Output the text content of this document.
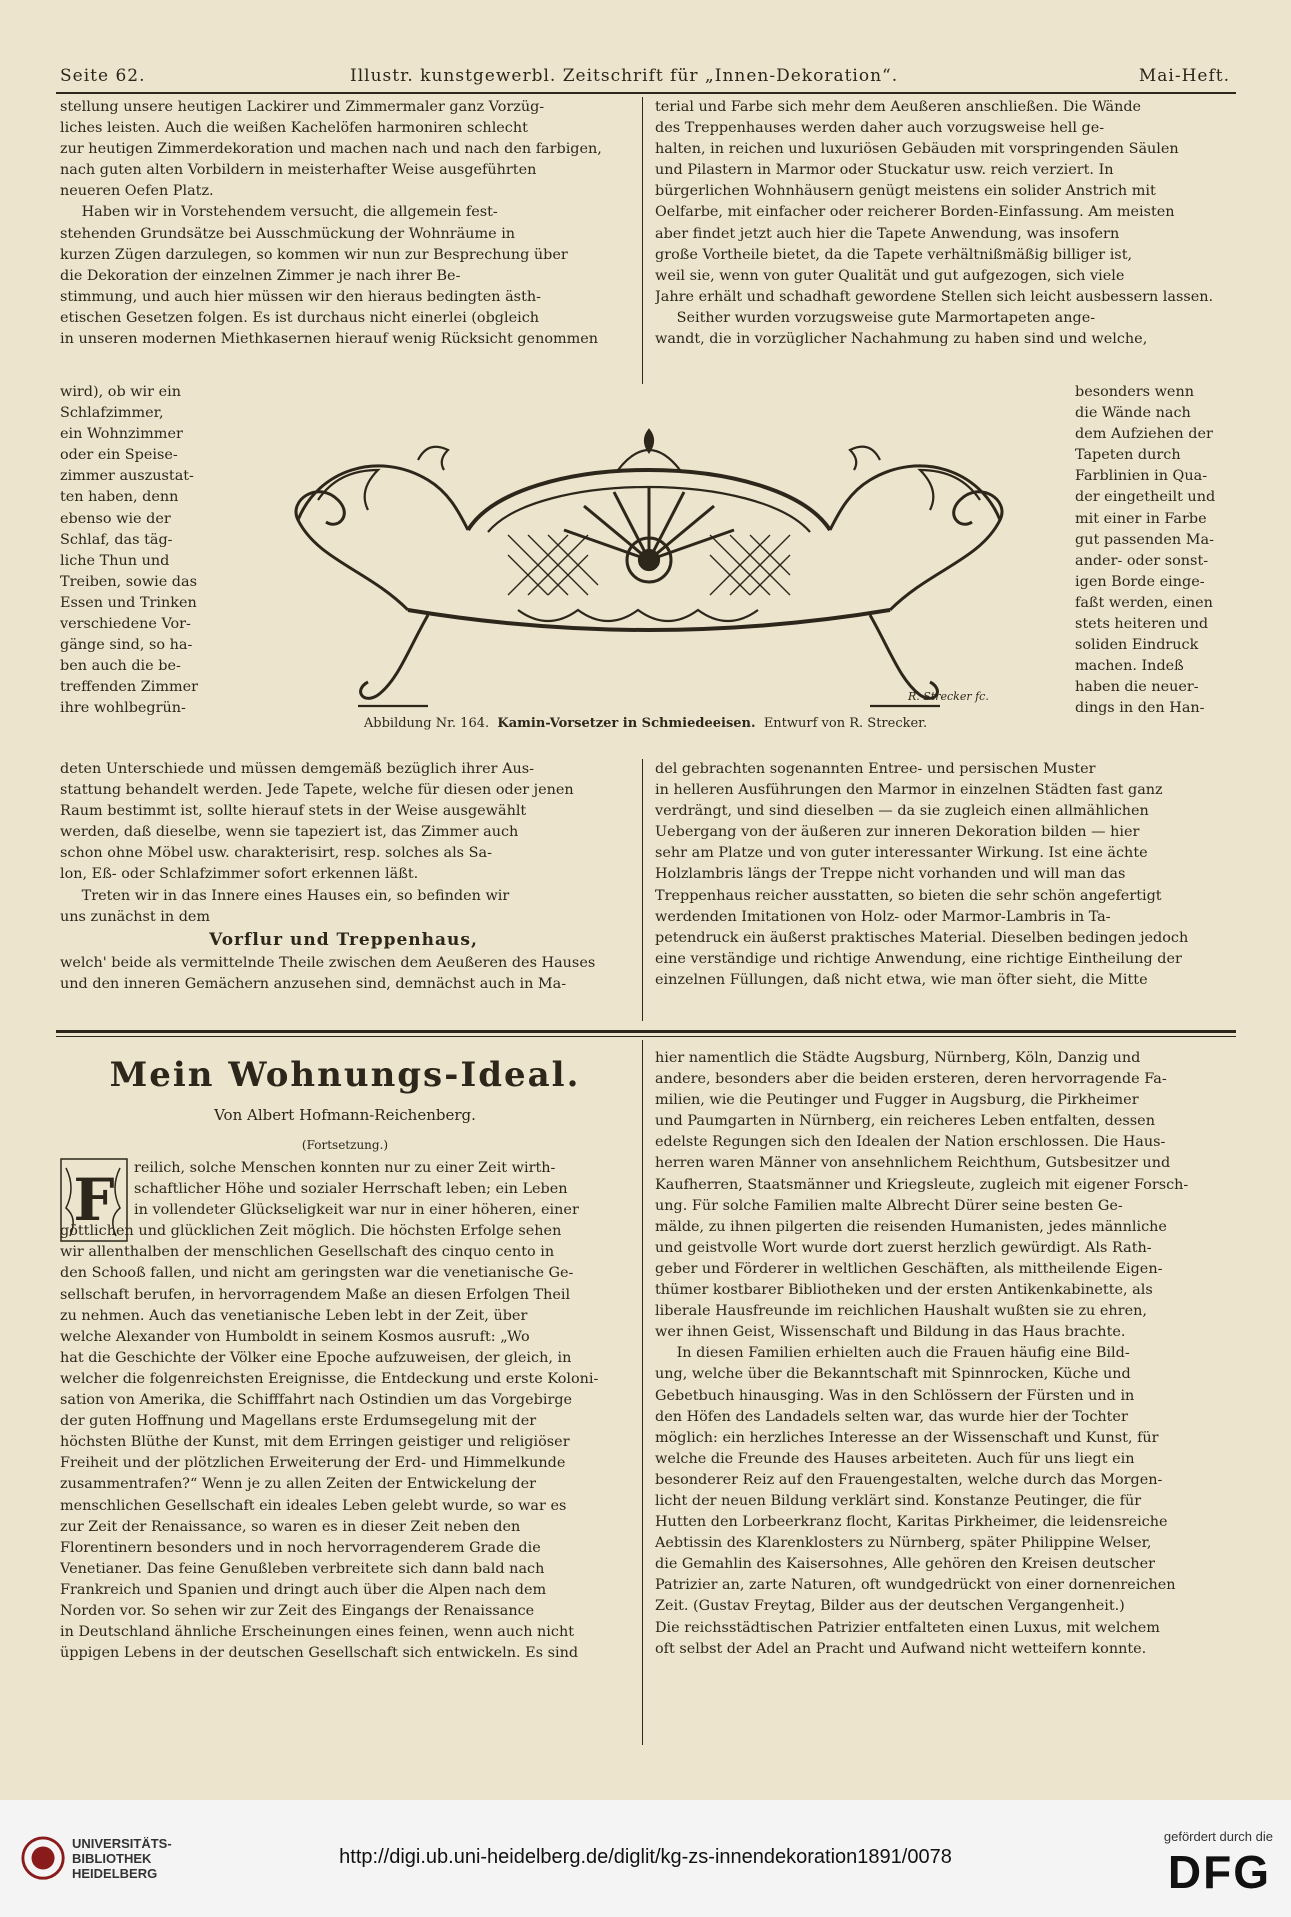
Seite 62.	Illustr. kunstgewerbl. Zeitschrift für „Innen-Dekoration“.	Mai-Heft.
stellung unsere heutigen Lackirer und Zimmermaler ganz Vorzüg-
liches leisten. Auch die weißen Kachelöfen harmoniren schlecht
zur heutigen Zimmerdekoration und machen nach und nach den farbigen,
nach guten alten Vorbildern in meisterhafter Weise ausgeführten
neueren Oefen Platz.
Haben wir in Vorstehendem versucht, die allgemein fest-
stehenden Grundsätze bei Ausschmückung der Wohnräume in
kurzen Zügen darzulegen, so kommen wir nun zur Besprechung über
die Dekoration der einzelnen Zimmer je nach ihrer Be-
stimmung, und auch hier müssen wir den hieraus bedingten ästh-
etischen Gesetzen folgen. Es ist durchaus nicht einerlei (obgleich
in unseren modernen Miethkasernen hierauf wenig Rücksicht genommen
terial und Farbe sich mehr dem Aeußeren anschließen. Die Wände
des Treppenhauses werden daher auch vorzugsweise hell ge-
halten, in reichen und luxuriösen Gebäuden mit vorspringenden Säulen
und Pilastern in Marmor oder Stuckatur usw. reich verziert. In
bürgerlichen Wohnhäusern genügt meistens ein solider Anstrich mit
Oelfarbe, mit einfacher oder reicherer Borden-Einfassung. Am meisten
aber findet jetzt auch hier die Tapete Anwendung, was insofern
große Vortheile bietet, da die Tapete verhältnißmäßig billiger ist,
weil sie, wenn von guter Qualität und gut aufgezogen, sich viele
Jahre erhält und schadhaft gewordene Stellen sich leicht ausbessern lassen.
Seither wurden vorzugsweise gute Marmortapeten ange-
wandt, die in vorzüglicher Nachahmung zu haben sind und welche,
wird), ob wir ein
Schlafzimmer,
ein Wohnzimmer
oder ein Speise-
zimmer auszustat-
ten haben, denn
ebenso wie der
Schlaf, das täg-
liche Thun und
Treiben, sowie das
Essen und Trinken
verschiedene Vor-
gänge sind, so ha-
ben auch die be-
treffenden Zimmer
ihre wohlbegrün-
besonders wenn
die Wände nach
dem Aufziehen der
Tapeten durch
Farblinien in Qua-
der eingetheilt und
mit einer in Farbe
gut passenden Ma-
ander- oder sonst-
igen Borde einge-
faßt werden, einen
stets heiteren und
soliden Eindruck
machen. Indeß
haben die neuer-
dings in den Han-
R. Strecker fc.
Abbildung Nr. 164. Kamin-Vorsetzer in Schmiedeeisen. Entwurf von R. Strecker.
deten Unterschiede und müssen demgemäß bezüglich ihrer Aus-
stattung behandelt werden. Jede Tapete, welche für diesen oder jenen
Raum bestimmt ist, sollte hierauf stets in der Weise ausgewählt
werden, daß dieselbe, wenn sie tapeziert ist, das Zimmer auch
schon ohne Möbel usw. charakterisirt, resp. solches als Sa-
lon, Eß- oder Schlafzimmer sofort erkennen läßt.
Treten wir in das Innere eines Hauses ein, so befinden wir
uns zunächst in dem
Vorflur und Treppenhaus,
welch' beide als vermittelnde Theile zwischen dem Aeußeren des Hauses
und den inneren Gemächern anzusehen sind, demnächst auch in Ma-
del gebrachten sogenannten Entree- und persischen Muster
in helleren Ausführungen den Marmor in einzelnen Städten fast ganz
verdrängt, und sind dieselben — da sie zugleich einen allmählichen
Uebergang von der äußeren zur inneren Dekoration bilden — hier
sehr am Platze und von guter interessanter Wirkung. Ist eine ächte
Holzlambris längs der Treppe nicht vorhanden und will man das
Treppenhaus reicher ausstatten, so bieten die sehr schön angefertigt
werdenden Imitationen von Holz- oder Marmor-Lambris in Ta-
petendruck ein äußerst praktisches Material. Dieselben bedingen jedoch
eine verständige und richtige Anwendung, eine richtige Eintheilung der
einzelnen Füllungen, daß nicht etwa, wie man öfter sieht, die Mitte
Mein Wohnungs-Ideal.
Von Albert Hofmann-Reichenberg.
(Fortsetzung.)
F	reilich, solche Menschen konnten nur zu einer Zeit wirth-
schaftlicher Höhe und sozialer Herrschaft leben; ein Leben
in vollendeter Glückseligkeit war nur in einer höheren, einer
göttlichen und glücklichen Zeit möglich. Die höchsten Erfolge sehen
wir allenthalben der menschlichen Gesellschaft des cinquo cento in
den Schooß fallen, und nicht am geringsten war die venetianische Ge-
sellschaft berufen, in hervorragendem Maße an diesen Erfolgen Theil
zu nehmen. Auch das venetianische Leben lebt in der Zeit, über
welche Alexander von Humboldt in seinem Kosmos ausruft: „Wo
hat die Geschichte der Völker eine Epoche aufzuweisen, der gleich, in
welcher die folgenreichsten Ereignisse, die Entdeckung und erste Koloni-
sation von Amerika, die Schifffahrt nach Ostindien um das Vorgebirge
der guten Hoffnung und Magellans erste Erdumsegelung mit der
höchsten Blüthe der Kunst, mit dem Erringen geistiger und religiöser
Freiheit und der plötzlichen Erweiterung der Erd- und Himmelkunde
zusammentrafen?“ Wenn je zu allen Zeiten der Entwickelung der
menschlichen Gesellschaft ein ideales Leben gelebt wurde, so war es
zur Zeit der Renaissance, so waren es in dieser Zeit neben den
Florentinern besonders und in noch hervorragenderem Grade die
Venetianer. Das feine Genußleben verbreitete sich dann bald nach
Frankreich und Spanien und dringt auch über die Alpen nach dem
Norden vor. So sehen wir zur Zeit des Eingangs der Renaissance
in Deutschland ähnliche Erscheinungen eines feinen, wenn auch nicht
üppigen Lebens in der deutschen Gesellschaft sich entwickeln. Es sind
hier namentlich die Städte Augsburg, Nürnberg, Köln, Danzig und
andere, besonders aber die beiden ersteren, deren hervorragende Fa-
milien, wie die Peutinger und Fugger in Augsburg, die Pirkheimer
und Paumgarten in Nürnberg, ein reicheres Leben entfalten, dessen
edelste Regungen sich den Idealen der Nation erschlossen. Die Haus-
herren waren Männer von ansehnlichem Reichthum, Gutsbesitzer und
Kaufherren, Staatsmänner und Kriegsleute, zugleich mit eigener Forsch-
ung. Für solche Familien malte Albrecht Dürer seine besten Ge-
mälde, zu ihnen pilgerten die reisenden Humanisten, jedes männliche
und geistvolle Wort wurde dort zuerst herzlich gewürdigt. Als Rath-
geber und Förderer in weltlichen Geschäften, als mittheilende Eigen-
thümer kostbarer Bibliotheken und der ersten Antikenkabinette, als
liberale Hausfreunde im reichlichen Haushalt wußten sie zu ehren,
wer ihnen Geist, Wissenschaft und Bildung in das Haus brachte.
In diesen Familien erhielten auch die Frauen häufig eine Bild-
ung, welche über die Bekanntschaft mit Spinnrocken, Küche und
Gebetbuch hinausging. Was in den Schlössern der Fürsten und in
den Höfen des Landadels selten war, das wurde hier der Tochter
möglich: ein herzliches Interesse an der Wissenschaft und Kunst, für
welche die Freunde des Hauses arbeiteten. Auch für uns liegt ein
besonderer Reiz auf den Frauengestalten, welche durch das Morgen-
licht der neuen Bildung verklärt sind. Konstanze Peutinger, die für
Hutten den Lorbeerkranz flocht, Karitas Pirkheimer, die leidensreiche
Aebtissin des Klarenklosters zu Nürnberg, später Philippine Welser,
die Gemahlin des Kaisersohnes, Alle gehören den Kreisen deutscher
Patrizier an, zarte Naturen, oft wundgedrückt von einer dornenreichen
Zeit. (Gustav Freytag, Bilder aus der deutschen Vergangenheit.)
Die reichsstädtischen Patrizier entfalteten einen Luxus, mit welchem
oft selbst der Adel an Pracht und Aufwand nicht wetteifern konnte.
UNIVERSITÄTS-
BIBLIOTHEK
HEIDELBERG
http://digi.ub.uni-heidelberg.de/diglit/kg-zs-innendekoration1891/0078
gefördert durch die
DFG
